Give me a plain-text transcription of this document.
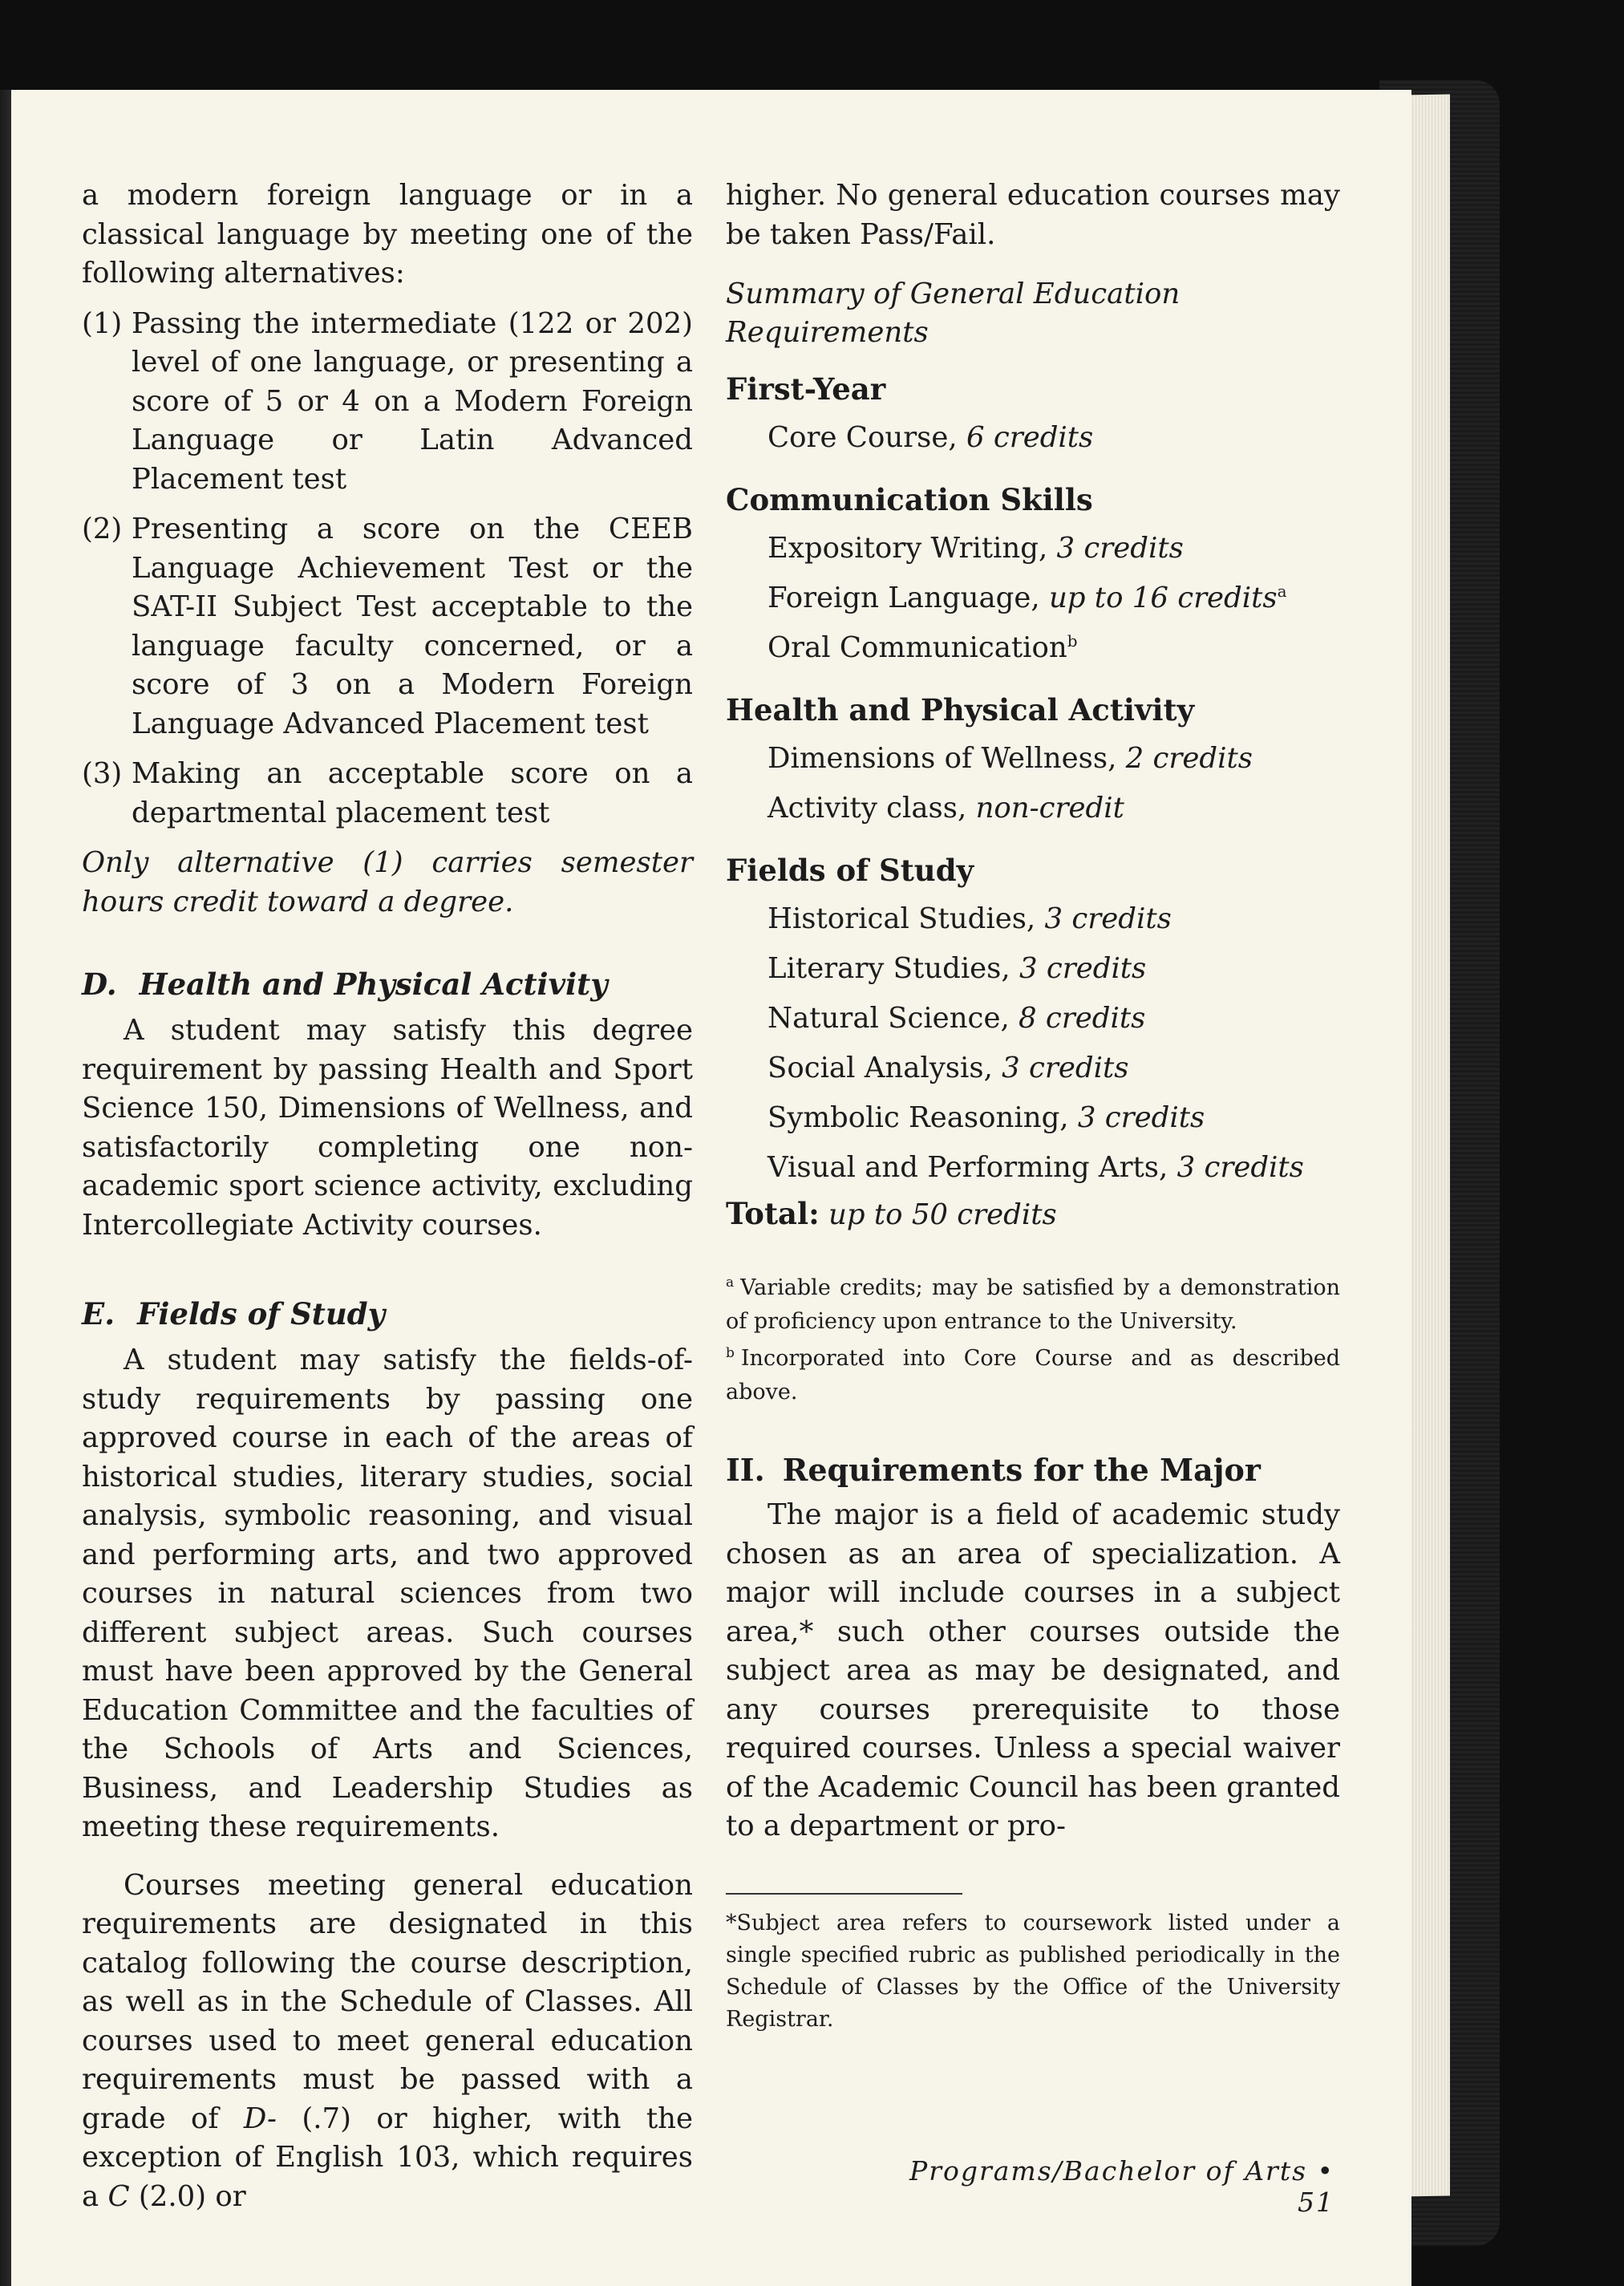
a modern foreign language or in a classical language by meeting one of the following alternatives:

(1) Passing the intermediate (122 or 202) level of one language, or presenting a score of 5 or 4 on a Modern Foreign Language or Latin Advanced Placement test
(2) Presenting a score on the CEEB Language Achievement Test or the SAT-II Subject Test acceptable to the language faculty concerned, or a score of 3 on a Modern Foreign Language Advanced Placement test
(3) Making an acceptable score on a departmental placement test

Only alternative (1) carries semester hours credit toward a degree.

D. Health and Physical Activity

A student may satisfy this degree requirement by passing Health and Sport Science 150, Dimensions of Wellness, and satisfactorily completing one non-academic sport science activity, excluding Intercollegiate Activity courses.

E. Fields of Study

A student may satisfy the fields-of-study requirements by passing one approved course in each of the areas of historical studies, literary studies, social analysis, symbolic reasoning, and visual and performing arts, and two approved courses in natural sciences from two different subject areas. Such courses must have been approved by the General Education Committee and the faculties of the Schools of Arts and Sciences, Business, and Leadership Studies as meeting these requirements.

Courses meeting general education requirements are designated in this catalog following the course description, as well as in the Schedule of Classes. All courses used to meet general education requirements must be passed with a grade of D- (.7) or higher, with the exception of English 103, which requires a C (2.0) or

higher. No general education courses may be taken Pass/Fail.

Summary of General Education Requirements

First-Year
Core Course, 6 credits
Communication Skills
Expository Writing, 3 credits
Foreign Language, up to 16 credits$^a$
Oral Communication$^b$
Health and Physical Activity
Dimensions of Wellness, 2 credits
Activity class, non-credit
Fields of Study
Historical Studies, 3 credits
Literary Studies, 3 credits
Natural Science, 8 credits
Social Analysis, 3 credits
Symbolic Reasoning, 3 credits
Visual and Performing Arts, 3 credits
Total: up to 50 credits

$^a$ Variable credits; may be satisfied by a demonstration of proficiency upon entrance to the University.

$^b$ Incorporated into Core Course and as described above.

II. Requirements for the Major

The major is a field of academic study chosen as an area of specialization. A major will include courses in a subject area,* such other courses outside the subject area as may be designated, and any courses prerequisite to those required courses. Unless a special waiver of the Academic Council has been granted to a department or pro-

*Subject area refers to coursework listed under a single specified rubric as published periodically in the Schedule of Classes by the Office of the University Registrar.

Programs/Bachelor of Arts • 51
